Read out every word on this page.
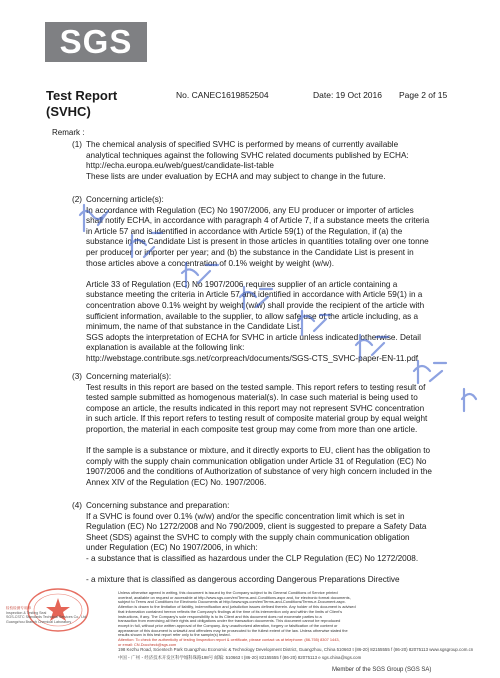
SGS
Test Report
(SVHC)
No. CANEC1619852504	Date: 19 Oct 2016 Page 2 of 15
Remark :
(1) The chemical analysis of specified SVHC is performed by means of currently available
analytical techniques against the following SVHC related documents published by ECHA:
http://echa.europa.eu/web/guest/candidate-list-table
These lists are under evaluation by ECHA and may subject to change in the future.
(2) Concerning article(s):
In accordance with Regulation (EC) No 1907/2006, any EU producer or importer of articles
shall notify ECHA, in accordance with paragraph 4 of Article 7, if a substance meets the criteria
in Article 57 and is identified in accordance with Article 59(1) of the Regulation, if (a) the
substance in the Candidate List is present in those articles in quantities totaling over one tonne
per producer or importer per year; and (b) the substance in the Candidate List is present in
those articles above a concentration of 0.1% weight by weight (w/w).
Article 33 of Regulation (EC) No 1907/2006 requires supplier of an article containing a
substance meeting the criteria in Article 57 and identified in accordance with Article 59(1) in a
concentration above 0.1% weight by weight (w/w) shall provide the recipient of the article with
sufficient information, available to the supplier, to allow safe use of the article including, as a
minimum, the name of that substance in the Candidate List.
SGS adopts the interpretation of ECHA for SVHC in article unless indicated otherwise. Detail
explanation is available at the following link:
http://webstage.contribute.sgs.net/corpreach/documents/SGS-CTS_SVHC-paper-EN-11.pdf
(3) Concerning material(s):
Test results in this report are based on the tested sample. This report refers to testing result of
tested sample submitted as homogenous material(s). In case such material is being used to
compose an article, the results indicated in this report may not represent SVHC concentration
in such article. If this report refers to testing result of composite material group by equal weight
proportion, the material in each composite test group may come from more than one article.
If the sample is a substance or mixture, and it directly exports to EU, client has the obligation to
comply with the supply chain communication obligation under Article 31 of Regulation (EC) No
1907/2006 and the conditions of Authorization of substance of very high concern included in the
Annex XIV of the Regulation (EC) No. 1907/2006.
(4) Concerning substance and preparation:
If a SVHC is found over 0.1% (w/w) and/or the specific concentration limit which is set in
Regulation (EC) No 1272/2008 and No 790/2009, client is suggested to prepare a Safety Data
Sheet (SDS) against the SVHC to comply with the supply chain communication obligation
under Regulation (EC) No 1907/2006, in which:
- a substance that is classified as hazardous under the CLP Regulation (EC) No 1272/2008.
- a mixture that is classified as dangerous according Dangerous Preparations Directive
检验检测专用章
Inspection & Testing Seal
SGS-CSTC Standards Technical Services Co., Ltd.
Guangzhou Branch Chemical Laboratory
Unless otherwise agreed in writing, this document is issued by the Company subject to its General Conditions of Service printed
overleaf, available on request or accessible at http://www.sgs.com/en/Terms-and-Conditions.aspx and, for electronic format documents,
subject to Terms and Conditions for Electronic Documents at http://www.sgs.com/en/Terms-and-Conditions/Terms-e-Document.aspx.
Attention is drawn to the limitation of liability, indemnification and jurisdiction issues defined therein. Any holder of this document is advised
that information contained hereon reflects the Company's findings at the time of its intervention only and within the limits of Client's
instructions, if any. The Company's sole responsibility is to its Client and this document does not exonerate parties to a
transaction from exercising all their rights and obligations under the transaction documents. This document cannot be reproduced
except in full, without prior written approval of the Company. Any unauthorized alteration, forgery or falsification of the content or
appearance of this document is unlawful and offenders may be prosecuted to the fullest extent of the law. Unless otherwise stated the
results shown in this test report refer only to the sample(s) tested.
Attention: To check the authenticity of testing /inspection report & certificate, please contact us at telephone: (86-755) 8307 1443,
or email: CN.Doccheck@sgs.com
198 Kezhu Road, Scientech Park Guangzhou Economic & Technology Development District, Guangzhou, China 510663 t (86-20) 82155555 f (86-20) 82075113 www.sgsgroup.com.cn
中国・广州・经济技术开发区科学城科珠路198号 邮编: 510663 t (86-20) 82155555 f (86-20) 82075113 e sgs.china@sgs.com
Member of the SGS Group (SGS SA)
